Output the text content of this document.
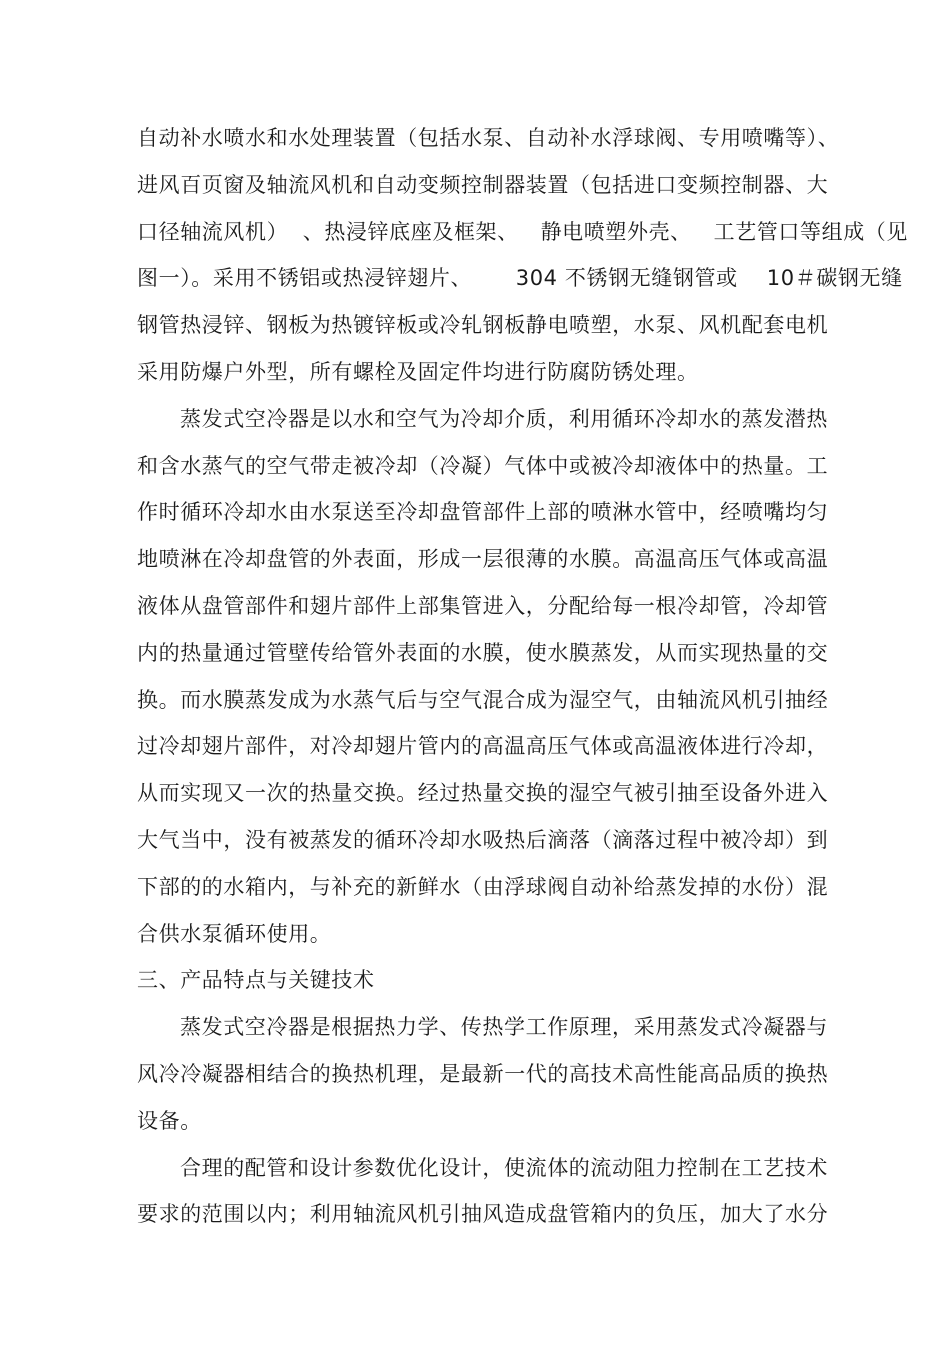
自动补水喷水和水处理装置（包括水泵、自动补水浮球阀、专用喷嘴等）、
进风百页窗及轴流风机和自动变频控制器装置（包括进口变频控制器、大
口径轴流风机）  、热浸锌底座及框架、   静电喷塑外壳、   工艺管口等组成（见
图一）。采用不锈铝或热浸锌翅片、      304 不锈钢无缝钢管或    10＃碳钢无缝
钢管热浸锌、钢板为热镀锌板或冷轧钢板静电喷塑，水泵、风机配套电机
采用防爆户外型，所有螺栓及固定件均进行防腐防锈处理。
蒸发式空冷器是以水和空气为冷却介质，利用循环冷却水的蒸发潜热
和含水蒸气的空气带走被冷却（冷凝）气体中或被冷却液体中的热量。工
作时循环冷却水由水泵送至冷却盘管部件上部的喷淋水管中，经喷嘴均匀
地喷淋在冷却盘管的外表面，形成一层很薄的水膜。高温高压气体或高温
液体从盘管部件和翅片部件上部集管进入，分配给每一根冷却管，冷却管
内的热量通过管壁传给管外表面的水膜，使水膜蒸发，从而实现热量的交
换。而水膜蒸发成为水蒸气后与空气混合成为湿空气，由轴流风机引抽经
过冷却翅片部件，对冷却翅片管内的高温高压气体或高温液体进行冷却，
从而实现又一次的热量交换。经过热量交换的湿空气被引抽至设备外进入
大气当中，没有被蒸发的循环冷却水吸热后滴落（滴落过程中被冷却）到
下部的的水箱内，与补充的新鲜水（由浮球阀自动补给蒸发掉的水份）混
合供水泵循环使用。
三、产品特点与关键技术
蒸发式空冷器是根据热力学、传热学工作原理，采用蒸发式冷凝器与
风冷冷凝器相结合的换热机理，是最新一代的高技术高性能高品质的换热
设备。
合理的配管和设计参数优化设计，使流体的流动阻力控制在工艺技术
要求的范围以内；利用轴流风机引抽风造成盘管箱内的负压，加大了水分
